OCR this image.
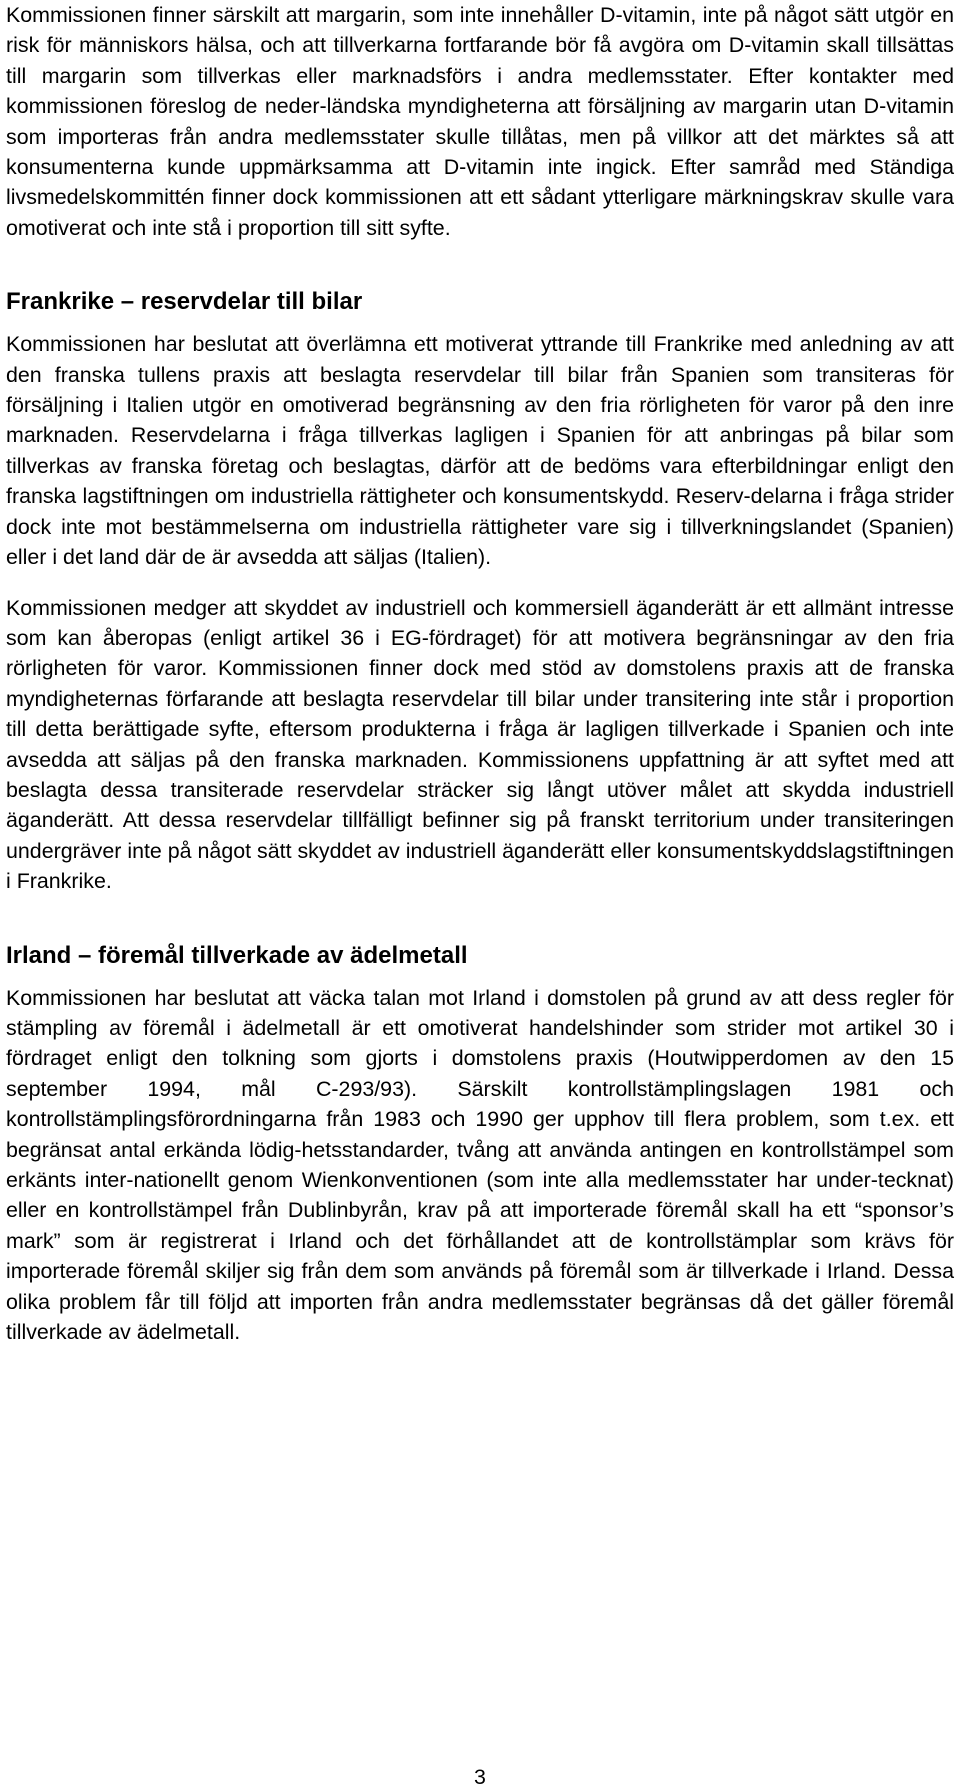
Kommissionen finner särskilt att margarin, som inte innehåller D-vitamin, inte på något sätt utgör en risk för människors hälsa, och att tillverkarna fortfarande bör få avgöra om D-vitamin skall tillsättas till margarin som tillverkas eller marknadsförs i andra medlemsstater. Efter kontakter med kommissionen föreslog de neder-ländska myndigheterna att försäljning av margarin utan D-vitamin som importeras från andra medlemsstater skulle tillåtas, men på villkor att det märktes så att konsumenterna kunde uppmärksamma att D-vitamin inte ingick. Efter samråd med Ständiga livsmedelskommittén finner dock kommissionen att ett sådant ytterligare märkningskrav skulle vara omotiverat och inte stå i proportion till sitt syfte.

Frankrike – reservdelar till bilar

Kommissionen har beslutat att överlämna ett motiverat yttrande till Frankrike med anledning av att den franska tullens praxis att beslagta reservdelar till bilar från Spanien som transiteras för försäljning i Italien utgör en omotiverad begränsning av den fria rörligheten för varor på den inre marknaden. Reservdelarna i fråga tillverkas lagligen i Spanien för att anbringas på bilar som tillverkas av franska företag och beslagtas, därför att de bedöms vara efterbildningar enligt den franska lagstiftningen om industriella rättigheter och konsumentskydd. Reserv-delarna i fråga strider dock inte mot bestämmelserna om industriella rättigheter vare sig i tillverkningslandet (Spanien) eller i det land där de är avsedda att säljas (Italien).

Kommissionen medger att skyddet av industriell och kommersiell äganderätt är ett allmänt intresse som kan åberopas (enligt artikel 36 i EG-fördraget) för att motivera begränsningar av den fria rörligheten för varor. Kommissionen finner dock med stöd av domstolens praxis att de franska myndigheternas förfarande att beslagta reservdelar till bilar under transitering inte står i proportion till detta berättigade syfte, eftersom produkterna i fråga är lagligen tillverkade i Spanien och inte avsedda att säljas på den franska marknaden. Kommissionens uppfattning är att syftet med att beslagta dessa transiterade reservdelar sträcker sig långt utöver målet att skydda industriell äganderätt. Att dessa reservdelar tillfälligt befinner sig på franskt territorium under transiteringen undergräver inte på något sätt skyddet av industriell äganderätt eller konsumentskyddslagstiftningen i Frankrike.

Irland – föremål tillverkade av ädelmetall

Kommissionen har beslutat att väcka talan mot Irland i domstolen på grund av att dess regler för stämpling av föremål i ädelmetall är ett omotiverat handelshinder som strider mot artikel 30 i fördraget enligt den tolkning som gjorts i domstolens praxis (Houtwipperdomen av den 15 september 1994, mål C-293/93). Särskilt kontrollstämplingslagen 1981 och kontrollstämplingsförordningarna från 1983 och 1990 ger upphov till flera problem, som t.ex. ett begränsat antal erkända lödig-hetsstandarder, tvång att använda antingen en kontrollstämpel som erkänts inter-nationellt genom Wienkonventionen (som inte alla medlemsstater har under-tecknat) eller en kontrollstämpel från Dublinbyrån, krav på att importerade föremål skall ha ett “sponsor’s mark” som är registrerat i Irland och det förhållandet att de kontrollstämplar som krävs för importerade föremål skiljer sig från dem som används på föremål som är tillverkade i Irland. Dessa olika problem får till följd att importen från andra medlemsstater begränsas då det gäller föremål tillverkade av ädelmetall.

3
